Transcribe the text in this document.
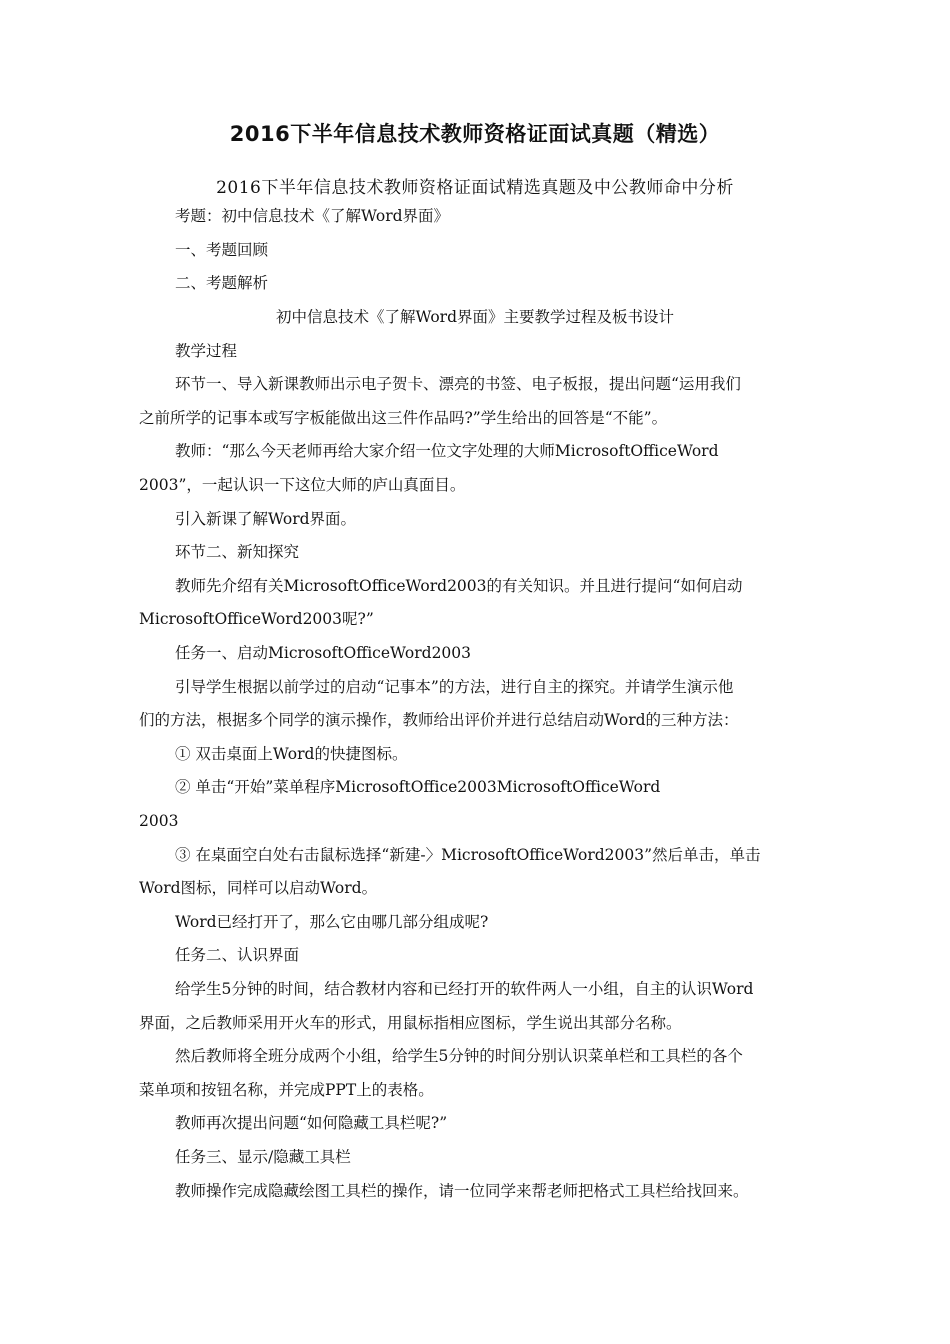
2016下半年信息技术教师资格证面试真题（精选）
2016下半年信息技术教师资格证面试精选真题及中公教师命中分析
考题：初中信息技术《了解Word界面》
一、考题回顾
二、考题解析
初中信息技术《了解Word界面》主要教学过程及板书设计
教学过程
环节一、导入新课教师出示电子贺卡、漂亮的书签、电子板报，提出问题“运用我们
之前所学的记事本或写字板能做出这三件作品吗?”学生给出的回答是“不能”。
教师：“那么今天老师再给大家介绍一位文字处理的大师MicrosoftOfficeWord
2003”，一起认识一下这位大师的庐山真面目。
引入新课了解Word界面。
环节二、新知探究
教师先介绍有关MicrosoftOfficeWord2003的有关知识。并且进行提问“如何启动
MicrosoftOfficeWord2003呢?”
任务一、启动MicrosoftOfficeWord2003
引导学生根据以前学过的启动“记事本”的方法，进行自主的探究。并请学生演示他
们的方法，根据多个同学的演示操作，教师给出评价并进行总结启动Word的三种方法：
① 双击桌面上Word的快捷图标。
② 单击“开始”菜单程序MicrosoftOffice2003MicrosoftOfficeWord
2003
③ 在桌面空白处右击鼠标选择“新建-〉MicrosoftOfficeWord2003”然后单击，单击
Word图标，同样可以启动Word。
Word已经打开了，那么它由哪几部分组成呢?
任务二、认识界面
给学生5分钟的时间，结合教材内容和已经打开的软件两人一小组，自主的认识Word
界面，之后教师采用开火车的形式，用鼠标指相应图标，学生说出其部分名称。
然后教师将全班分成两个小组，给学生5分钟的时间分别认识菜单栏和工具栏的各个
菜单项和按钮名称，并完成PPT上的表格。
教师再次提出问题“如何隐藏工具栏呢?”
任务三、显示/隐藏工具栏
教师操作完成隐藏绘图工具栏的操作，请一位同学来帮老师把格式工具栏给找回来。
